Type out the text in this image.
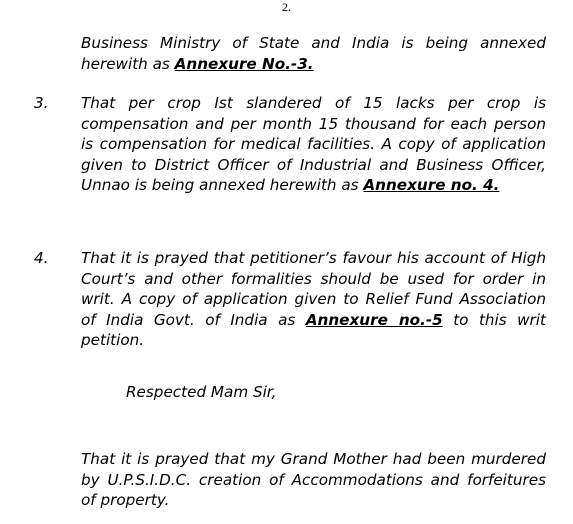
2.

Business Ministry of State and India is being annexed herewith as Annexure No.-3.

3. That per crop Ist slandered of 15 lacks per crop is compensation and per month 15 thousand for each person is compensation for medical facilities. A copy of application given to District Officer of Industrial and Business Officer, Unnao is being annexed herewith as Annexure no. 4.

4. That it is prayed that petitioner’s favour his account of High Court’s and other formalities should be used for order in writ. A copy of application given to Relief Fund Association of India Govt. of India as Annexure no.-5 to this writ petition.

Respected Mam Sir,

That it is prayed that my Grand Mother had been murdered by U.P.S.I.D.C. creation of Accommodations and forfeitures of property.
